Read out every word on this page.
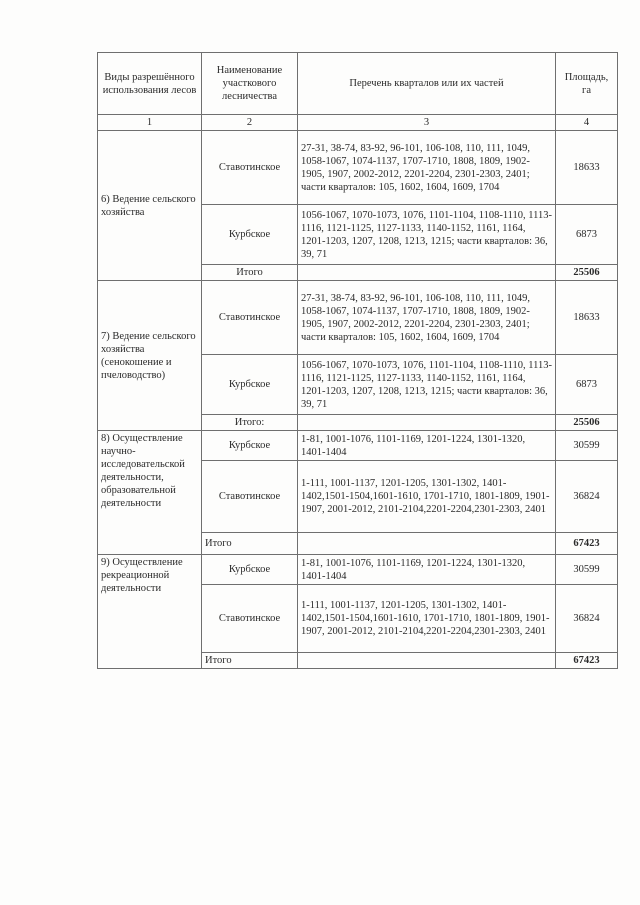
Виды разрешённого использования лесов	Наименование участкового лесничества	Перечень кварталов или их частей	Площадь, га
1	2	3	4
6) Ведение сельского хозяйства	Ставотинское	27-31, 38-74, 83-92, 96-101, 106-108, 110, 111, 1049, 1058-1067, 1074-1137, 1707-1710, 1808, 1809, 1902-1905, 1907, 2002-2012, 2201-2204, 2301-2303, 2401; части кварталов: 105, 1602, 1604, 1609, 1704	18633
	Курбское	1056-1067, 1070-1073, 1076, 1101-1104, 1108-1110, 1113-1116, 1121-1125, 1127-1133, 1140-1152, 1161, 1164, 1201-1203, 1207, 1208, 1213, 1215; части кварталов: 36, 39, 71	6873
	Итого		25506
7) Ведение сельского хозяйства (сенокошение и пчеловодство)	Ставотинское	27-31, 38-74, 83-92, 96-101, 106-108, 110, 111, 1049, 1058-1067, 1074-1137, 1707-1710, 1808, 1809, 1902-1905, 1907, 2002-2012, 2201-2204, 2301-2303, 2401; части кварталов: 105, 1602, 1604, 1609, 1704	18633
	Курбское	1056-1067, 1070-1073, 1076, 1101-1104, 1108-1110, 1113-1116, 1121-1125, 1127-1133, 1140-1152, 1161, 1164, 1201-1203, 1207, 1208, 1213, 1215; части кварталов: 36, 39, 71	6873
	Итого:		25506
8) Осуществление научно-исследовательской деятельности, образовательной деятельности	Курбское	1-81, 1001-1076, 1101-1169, 1201-1224, 1301-1320, 1401-1404	30599
	Ставотинское	1-111, 1001-1137, 1201-1205, 1301-1302, 1401-1402,1501-1504,1601-1610, 1701-1710, 1801-1809, 1901-1907, 2001-2012, 2101-2104,2201-2204,2301-2303, 2401	36824
	Итого		67423
9) Осуществление рекреационной деятельности	Курбское	1-81, 1001-1076, 1101-1169, 1201-1224, 1301-1320, 1401-1404	30599
	Ставотинское	1-111, 1001-1137, 1201-1205, 1301-1302, 1401-1402,1501-1504,1601-1610, 1701-1710, 1801-1809, 1901-1907, 2001-2012, 2101-2104,2201-2204,2301-2303, 2401	36824
	Итого		67423
